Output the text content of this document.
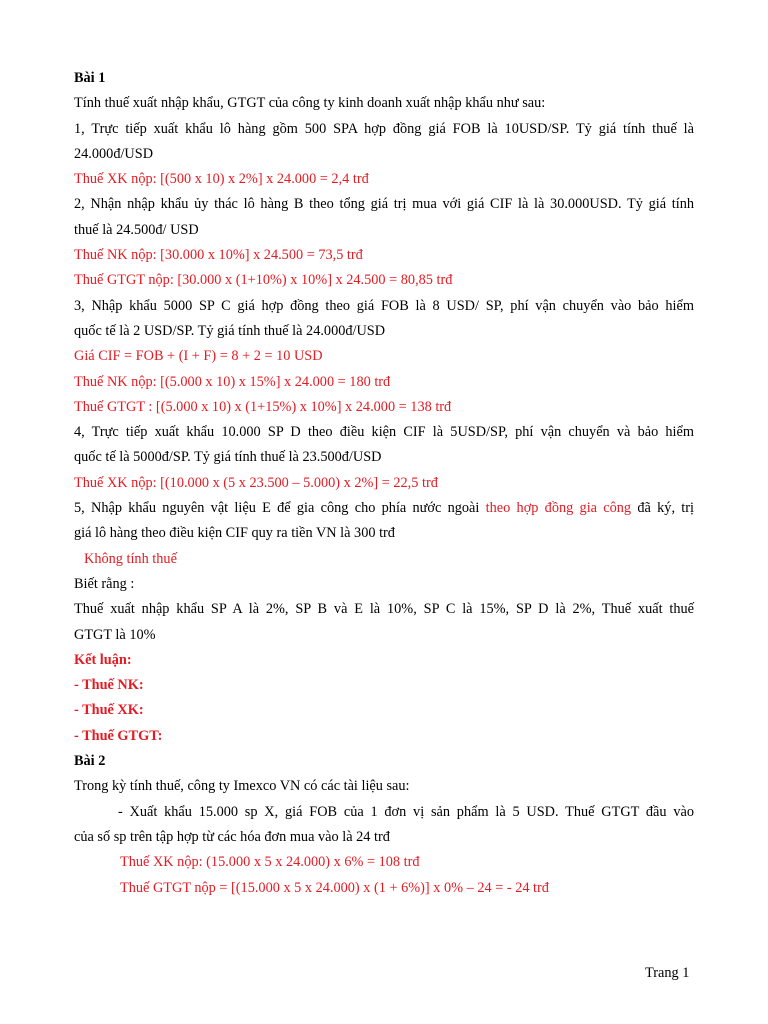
Bài 1
Tính thuế xuất nhập khẩu, GTGT của công ty kinh doanh xuất nhập khẩu như sau:
1, Trực tiếp xuất khẩu lô hàng gồm 500 SPA hợp đồng giá FOB là 10USD/SP. Tỷ giá tính thuế là
24.000đ/USD
Thuế XK nộp: [(500 x 10) x 2%] x 24.000 = 2,4 trđ
2, Nhận nhập khẩu ủy thác lô hàng B theo tổng giá trị mua với giá CIF là là 30.000USD. Tỷ giá tính
thuế là 24.500đ/ USD
Thuế NK nộp: [30.000 x 10%] x 24.500 = 73,5 trđ
Thuế GTGT nộp: [30.000 x (1+10%) x 10%] x 24.500 = 80,85 trđ
3, Nhập khẩu 5000 SP C giá hợp đồng theo giá FOB là 8 USD/ SP, phí vận chuyển vào bảo hiểm
quốc tế là 2 USD/SP. Tỷ giá tính thuế là 24.000đ/USD
Giá CIF = FOB + (I + F) = 8 + 2 = 10 USD
Thuế NK nộp: [(5.000 x 10) x 15%] x 24.000 = 180 trđ
Thuế GTGT : [(5.000 x 10) x (1+15%) x 10%] x 24.000 = 138 trđ
4, Trực tiếp xuất khẩu 10.000 SP D theo điều kiện CIF là 5USD/SP, phí vận chuyển và bảo hiểm
quốc tế là 5000đ/SP. Tỷ giá tính thuế là 23.500đ/USD
Thuế XK nộp: [(10.000 x (5 x 23.500 – 5.000) x 2%] = 22,5 trđ
5, Nhập khẩu nguyên vật liệu E để gia công cho phía nước ngoài theo hợp đồng gia công đã ký, trị
giá lô hàng theo điều kiện CIF quy ra tiền VN là 300 trđ
Không tính thuế
Biết rằng :
Thuế xuất nhập khẩu SP A là 2%, SP B và E là 10%, SP C là 15%, SP D là 2%, Thuế xuất thuế
GTGT là 10%
Kết luận:
- Thuế NK:
- Thuế XK:
- Thuế GTGT:
Bài 2
Trong kỳ tính thuế, công ty Imexco VN có các tài liệu sau:
- Xuất khẩu 15.000 sp X, giá FOB của 1 đơn vị sản phẩm là 5 USD. Thuế GTGT đầu vào
của số sp trên tập hợp từ các hóa đơn mua vào là 24 trđ
Thuế XK nộp: (15.000 x 5 x 24.000) x 6% = 108 trđ
Thuế GTGT nộp = [(15.000 x 5 x 24.000) x (1 + 6%)] x 0% – 24 = - 24 trđ
Trang 1
